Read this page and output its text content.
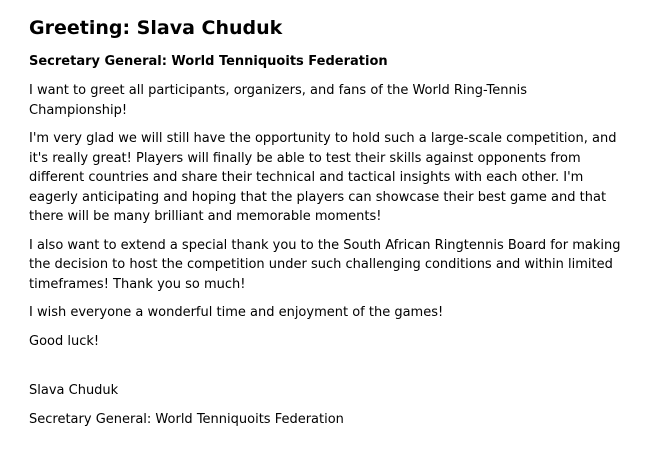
Greeting: Slava Chuduk

Secretary General: World Tenniquoits Federation

I want to greet all participants, organizers, and fans of the World Ring-Tennis Championship!

I'm very glad we will still have the opportunity to hold such a large-scale competition, and it's really great! Players will finally be able to test their skills against opponents from different countries and share their technical and tactical insights with each other. I'm eagerly anticipating and hoping that the players can showcase their best game and that there will be many brilliant and memorable moments!

I also want to extend a special thank you to the South African Ringtennis Board for making the decision to host the competition under such challenging conditions and within limited timeframes! Thank you so much!

I wish everyone a wonderful time and enjoyment of the games!

Good luck!

Slava Chuduk

Secretary General: World Tenniquoits Federation
